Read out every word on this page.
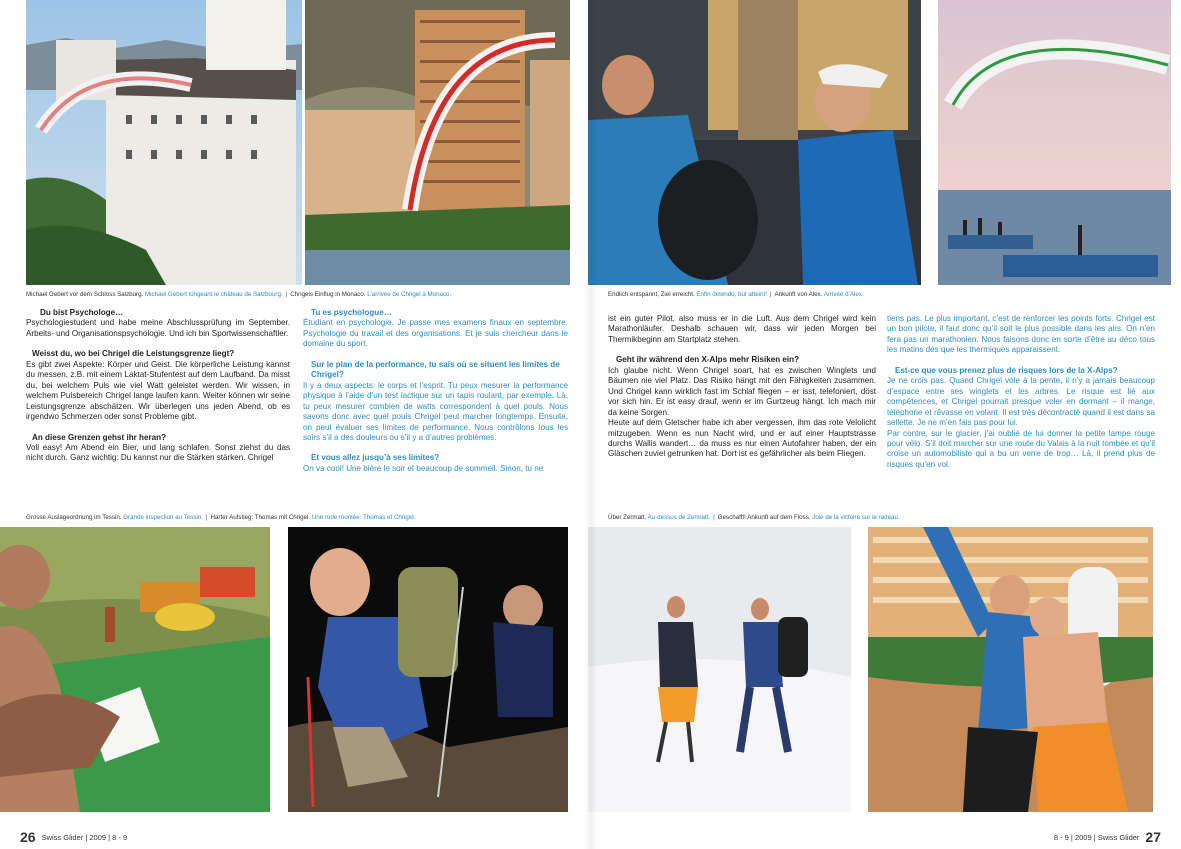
Michael Gebert vor dem Schloss Salzburg. Michael Gebert longeant le château de Salzbourg. | Chrigels Einflug in Monaco. L’arrivée de Chrigel à Monaco.	Endlich entspannt, Ziel erreicht. Enfin détendu, but atteint! | Ankunft von Alex. Arrivée d’Alex.
Du bist Psychologe…

Psychologiestudent und habe meine Abschlussprüfung im September. Arbeits- und Organisationspsychologie. Und ich bin Sportwissenschaftler.

Weisst du, wo bei Chrigel die Leistungsgrenze liegt?

Es gibt zwei Aspekte: Körper und Geist. Die körperliche Leistung kannst du messen, z.B. mit einem Laktat-Stufentest auf dem Laufband. Da misst du, bei welchem Puls wie viel Watt geleistet werden. Wir wissen, in welchem Pulsbereich Chrigel lange laufen kann. Weiter können wir seine Leistungsgrenze abschätzen. Wir überlegen uns jeden Abend, ob es irgendwo Schmerzen oder sonst Probleme gibt.

An diese Grenzen gehst ihr heran?

Voll easy! Am Abend ein Bier, und lang schlafen. Sonst ziehst du das nicht durch. Ganz wichtig: Du kannst nur die Stärken stärken. Chrigel

Tu es psychologue…

Étudiant en psychologie. Je passe mes examens finaux en septembre. Psychologie du travail et des organisations. Et je suis chercheur dans le domaine du sport.

Sur le plan de la performance, tu sais où se situent les limites de Chrigel?

Il y a deux aspects: le corps et l’esprit. Tu peux mesurer la performance physique à l’aide d’un test lactique sur un tapis roulant, par exemple. Là, tu peux mesurer combien de watts correspondent à quel pouls. Nous savons donc avec quel pouls Chrigel peut marcher longtemps. Ensuite, on peut évaluer ses limites de performance. Nous contrôlons tous les soirs s’il a des douleurs ou s’il y a d’autres problèmes.

Et vous allez jusqu’à ses limites?

On va cool! Une bière le soir et beaucoup de sommeil. Sinon, tu ne

ist ein guter Pilot, also muss er in die Luft. Aus dem Chrigel wird kein Marathonläufer. Deshalb schauen wir, dass wir jeden Morgen bei Thermikbeginn am Startplatz stehen.

Geht ihr während den X-Alps mehr Risiken ein?

Ich glaube nicht. Wenn Chrigel soart, hat es zwischen Winglets und Bäumen nie viel Platz. Das Risiko hängt mit den Fähigkeiten zusammen. Und Chrigel kann wirklich fast im Schlaf fliegen – er isst, telefoniert, döst vor sich hin. Er ist easy drauf, wenn er im Gurtzeug hängt. Ich mach mir da keine Sorgen.

Heute auf dem Gletscher habe ich aber vergessen, ihm das rote Velolicht mitzugeben. Wenn es nun Nacht wird, und er auf einer Hauptstrasse durchs Wallis wandert… da muss es nur einen Autofahrer haben, der ein Gläschen zuviel getrunken hat. Dort ist es gefährlicher als beim Fliegen.

tiens pas. Le plus important, c’est de renforcer les points forts. Chrigel est un bon pilote, il faut donc qu’il soit le plus possible dans les airs. On n’en fera pas un marathonien. Nous faisons donc en sorte d’être au déco tous les matins dès que les thermiques apparaissent.

Est-ce que vous prenez plus de risques lors de la X-Alps?

Je ne crois pas. Quand Chrigel vole à la pente, il n’y a jamais beaucoup d’espace entre ses winglets et les arbres. Le risque est lié aux compétences, et Chrigel pourrait presque voler en dormant – il mange, téléphone et rêvasse en volant. Il est très décontracté quand il est dans sa sellette. Je ne m’en fais pas pour lui.

Par contre, sur le glacier, j’ai oublié de lui donner la petite lampe rouge pour vélo. S’il doit marcher sur une route du Valais à la nuit tombée et qu’il croise un automobiliste qui a bu un verre de trop… Là, il prend plus de risques qu’en vol.

Grosse Auslageordnung im Tessin. Grande inspection au Tessin. | Harter Aufstieg: Thomas mit Chrigel. Une rude montée: Thomas et Chrigel.	Über Zermatt. Au-dessus de Zermatt. | Geschafft! Ankunft auf dem Floss. Joie de la victoire sur le radeau.
26 Swiss Glider | 2009 | 8 - 9	8 - 9 | 2009 | Swiss Glider 27
